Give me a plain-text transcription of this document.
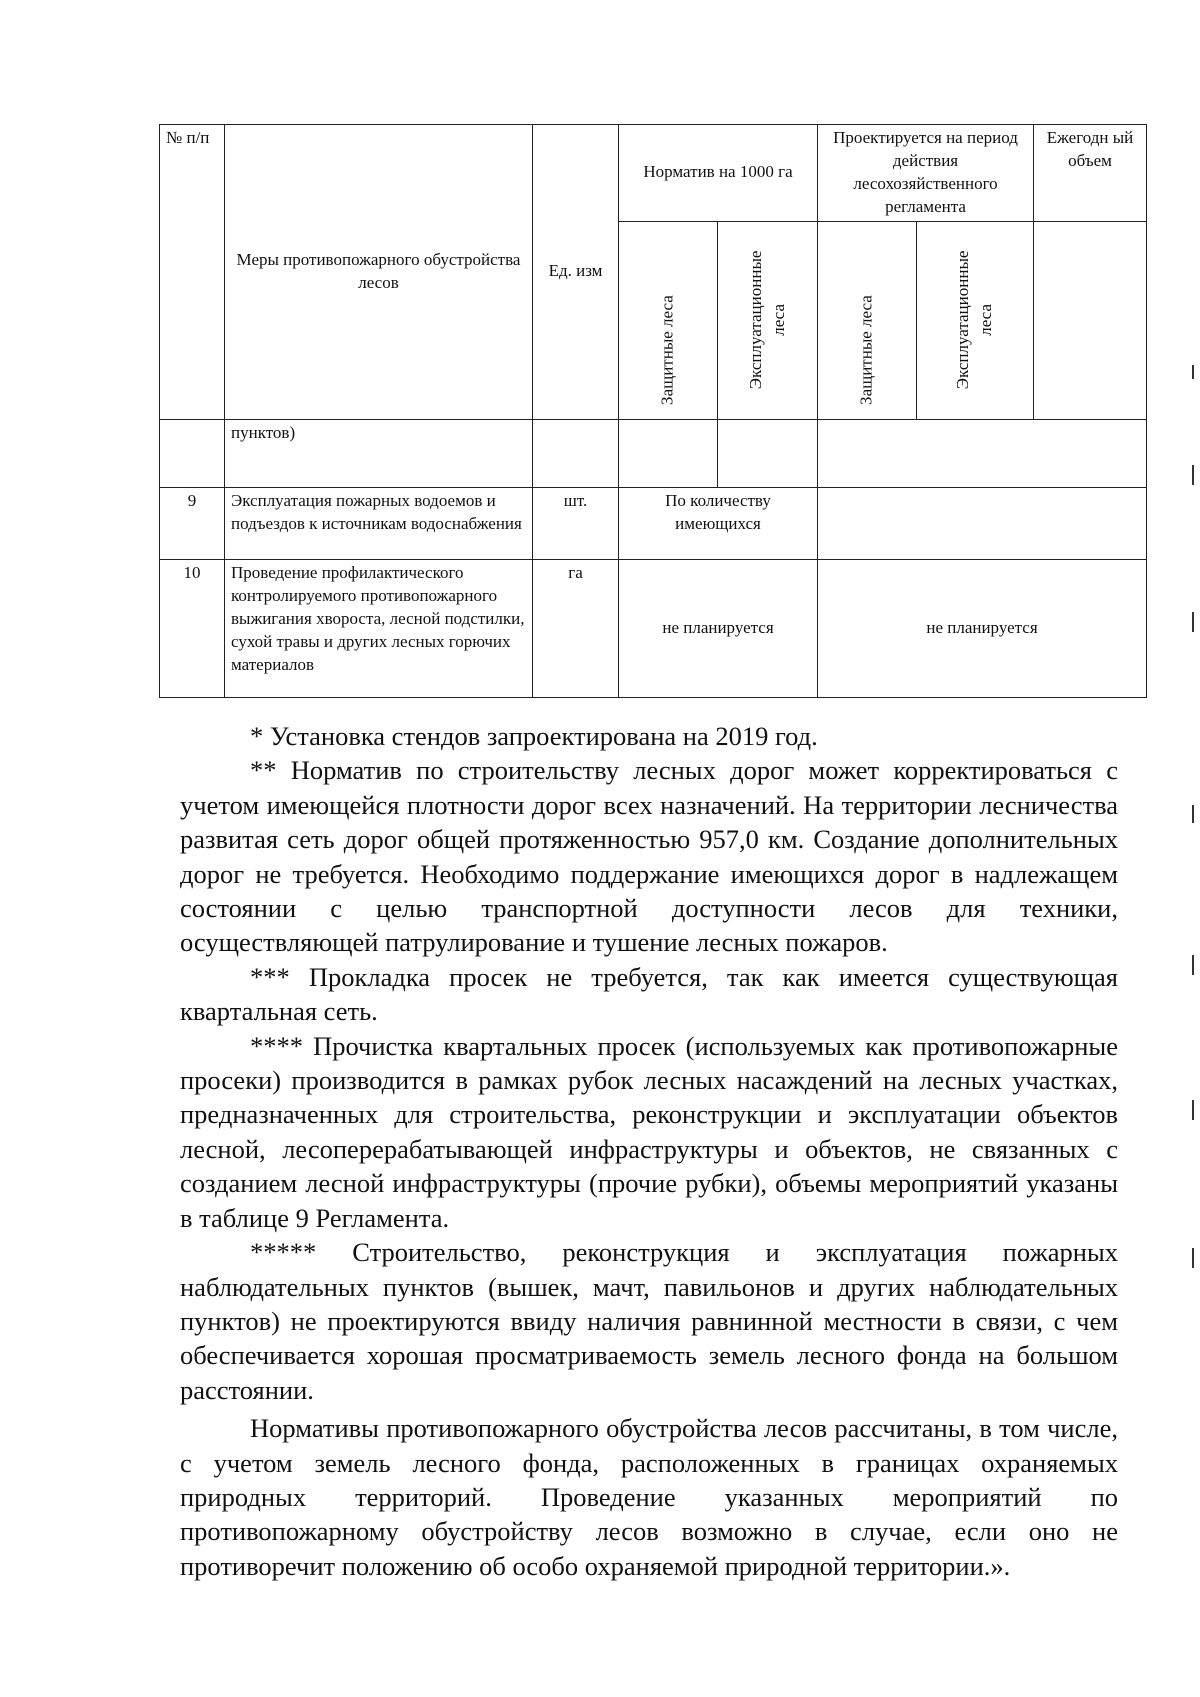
№ п/п	Меры противопожарного обустройства лесов	Ед. изм	Норматив на 1000 га		Проектируется на период действия лесохозяйственного регламента		Ежегодн ый объем

			Защитные леса	Эксплуатационные леса	Защитные леса	Эксплуатационные леса	

	пунктов)						
9	Эксплуатация пожарных водоемов и подъездов к источникам водоснабжения	шт.	По количеству имеющихся				
10	Проведение профилактического контролируемого противопожарного выжигания хвороста, лесной подстилки, сухой травы и других лесных горючих материалов	га	не планируется		не планируется		

* Установка стендов запроектирована на 2019 год.

** Норматив по строительству лесных дорог может корректироваться с учетом имеющейся плотности дорог всех назначений. На территории лесничества развитая сеть дорог общей протяженностью 957,0 км. Создание дополнительных дорог не требуется. Необходимо поддержание имеющихся дорог в надлежащем состоянии с целью транспортной доступности лесов для техники, осуществляющей патрулирование и тушение лесных пожаров.

*** Прокладка просек не требуется, так как имеется существующая квартальная сеть.

**** Прочистка квартальных просек (используемых как противопожарные просеки) производится в рамках рубок лесных насаждений на лесных участках, предназначенных для строительства, реконструкции и эксплуатации объектов лесной, лесоперерабатывающей инфраструктуры и объектов, не связанных с созданием лесной инфраструктуры (прочие рубки), объемы мероприятий указаны в таблице 9 Регламента.

***** Строительство, реконструкция и эксплуатация пожарных наблюдательных пунктов (вышек, мачт, павильонов и других наблюдательных пунктов) не проектируются ввиду наличия равнинной местности в связи, с чем обеспечивается хорошая просматриваемость земель лесного фонда на большом расстоянии.

Нормативы противопожарного обустройства лесов рассчитаны, в том числе, с учетом земель лесного фонда, расположенных в границах охраняемых природных территорий. Проведение указанных мероприятий по противопожарному обустройству лесов возможно в случае, если оно не противоречит положению об особо охраняемой природной территории.».
